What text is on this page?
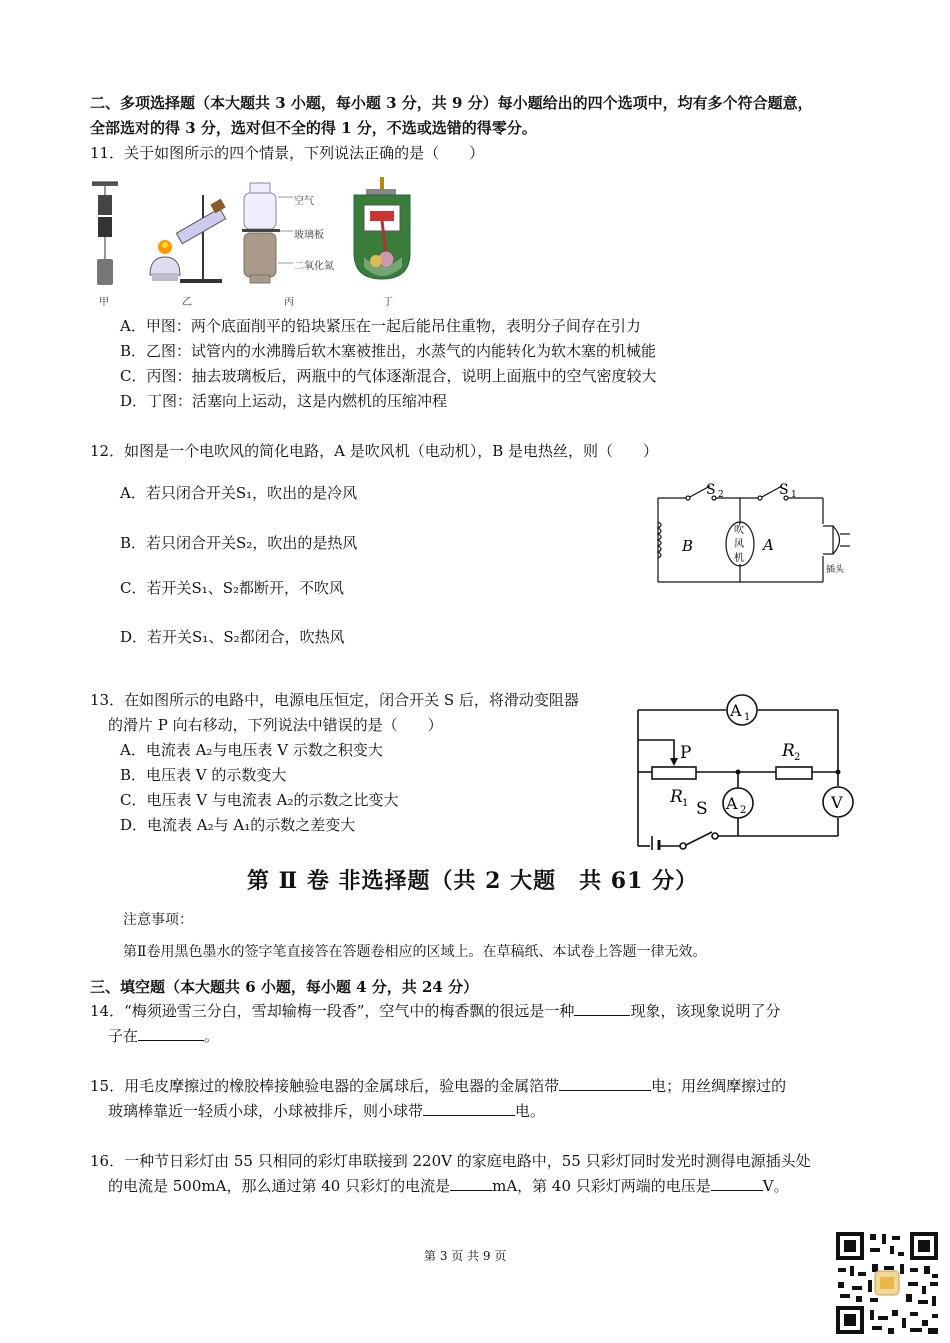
二、多项选择题（本大题共 3 小题，每小题 3 分，共 9 分）每小题给出的四个选项中，均有多个符合题意，
全部选对的得 3 分，选对但不全的得 1 分，不选或选错的得零分。
11．关于如图所示的四个情景，下列说法正确的是（　　）
甲	乙	丙	丁
空气
玻璃板
二氧化氮
A．甲图：两个底面削平的铅块紧压在一起后能吊住重物，表明分子间存在引力
B．乙图：试管内的水沸腾后软木塞被推出，水蒸气的内能转化为软木塞的机械能
C．丙图：抽去玻璃板后，两瓶中的气体逐渐混合，说明上面瓶中的空气密度较大
D．丁图：活塞向上运动，这是内燃机的压缩冲程
12．如图是一个电吹风的简化电路，A 是吹风机（电动机），B 是电热丝，则（　　）
A．若只闭合开关S₁，吹出的是冷风
B．若只闭合开关S₂，吹出的是热风
C．若开关S₁、S₂都断开，不吹风
D．若开关S₁、S₂都闭合，吹热风
S 2	S 1
B	A
吹
风
机
插头
13．在如图所示的电路中，电源电压恒定，闭合开关 S 后，将滑动变阻器
的滑片 P 向右移动，下列说法中错误的是（　　）
A．电流表 A₂与电压表 V 示数之积变大
B．电压表 V 的示数变大
C．电压表 V 与电流表 A₂的示数之比变大
D．电流表 A₂与 A₁的示数之差变大
A 1
A 2	V
P
R 1
R 2
S
第 Ⅱ 卷 非选择题（共 2 大题　共 61 分）
注意事项：
第Ⅱ卷用黑色墨水的签字笔直接答在答题卷相应的区域上。在草稿纸、本试卷上答题一律无效。
三、填空题（本大题共 6 小题，每小题 4 分，共 24 分）
14．“梅须逊雪三分白，雪却输梅一段香”，空气中的梅香飘的很远是一种	现象，该现象说明了分
子在	。
15．用毛皮摩擦过的橡胶棒接触验电器的金属球后，验电器的金属箔带	电；用丝绸摩擦过的
玻璃棒靠近一轻质小球，小球被排斥，则小球带	电。
16．一种节日彩灯由 55 只相同的彩灯串联接到 220V 的家庭电路中，55 只彩灯同时发光时测得电源插头处
的电流是 500mA，那么通过第 40 只彩灯的电流是	mA，第 40 只彩灯两端的电压是	V。
第 3 页 共 9 页
